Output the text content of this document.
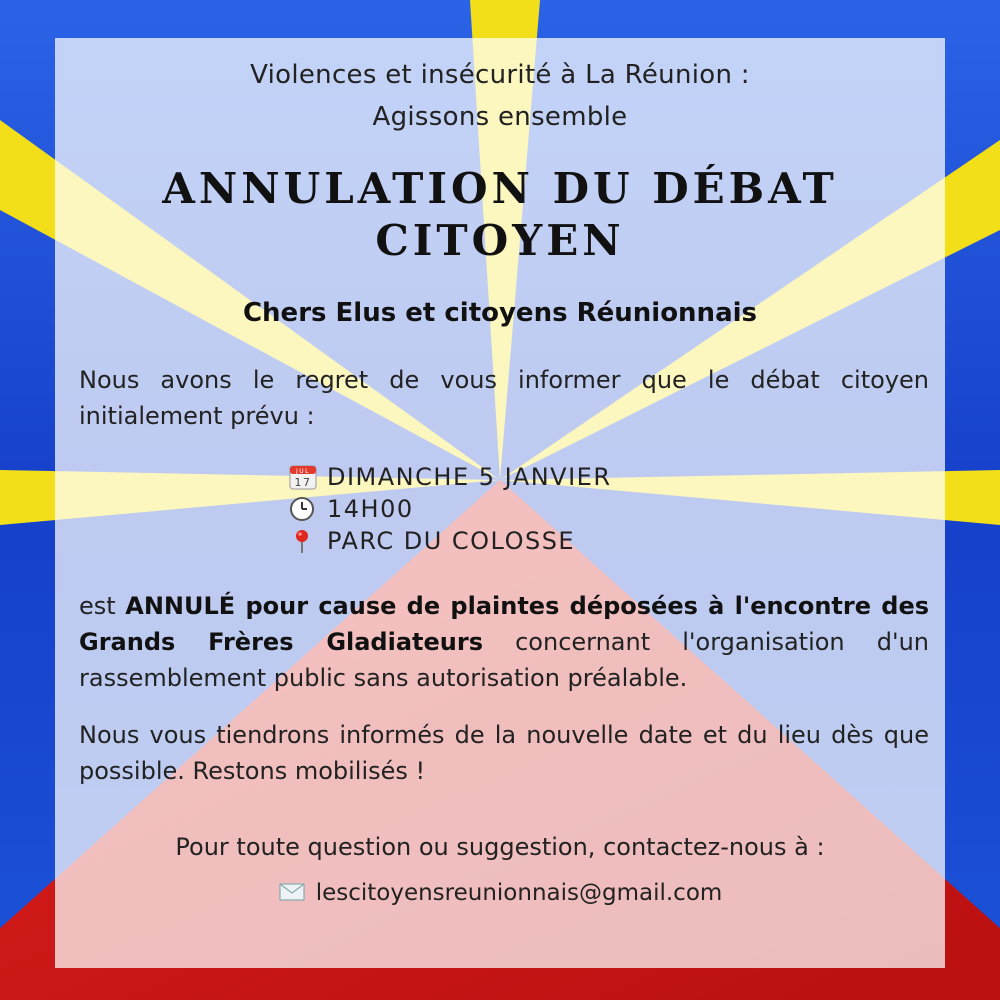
Violences et insécurité à La Réunion :
Agissons ensemble
ANNULATION DU DÉBAT
CITOYEN
Chers Elus et citoyens Réunionnais
Nous avons le regret de vous informer que le débat citoyen initialement prévu :
JUL
17 DIMANCHE 5 JANVIER
14H00
PARC DU COLOSSE
est ANNULÉ pour cause de plaintes déposées à l'encontre des Grands Frères Gladiateurs concernant l'organisation d'un rassemblement public sans autorisation préalable.
Nous vous tiendrons informés de la nouvelle date et du lieu dès que possible. Restons mobilisés !
Pour toute question ou suggestion, contactez-nous à :
lescitoyensreunionnais@gmail.com
